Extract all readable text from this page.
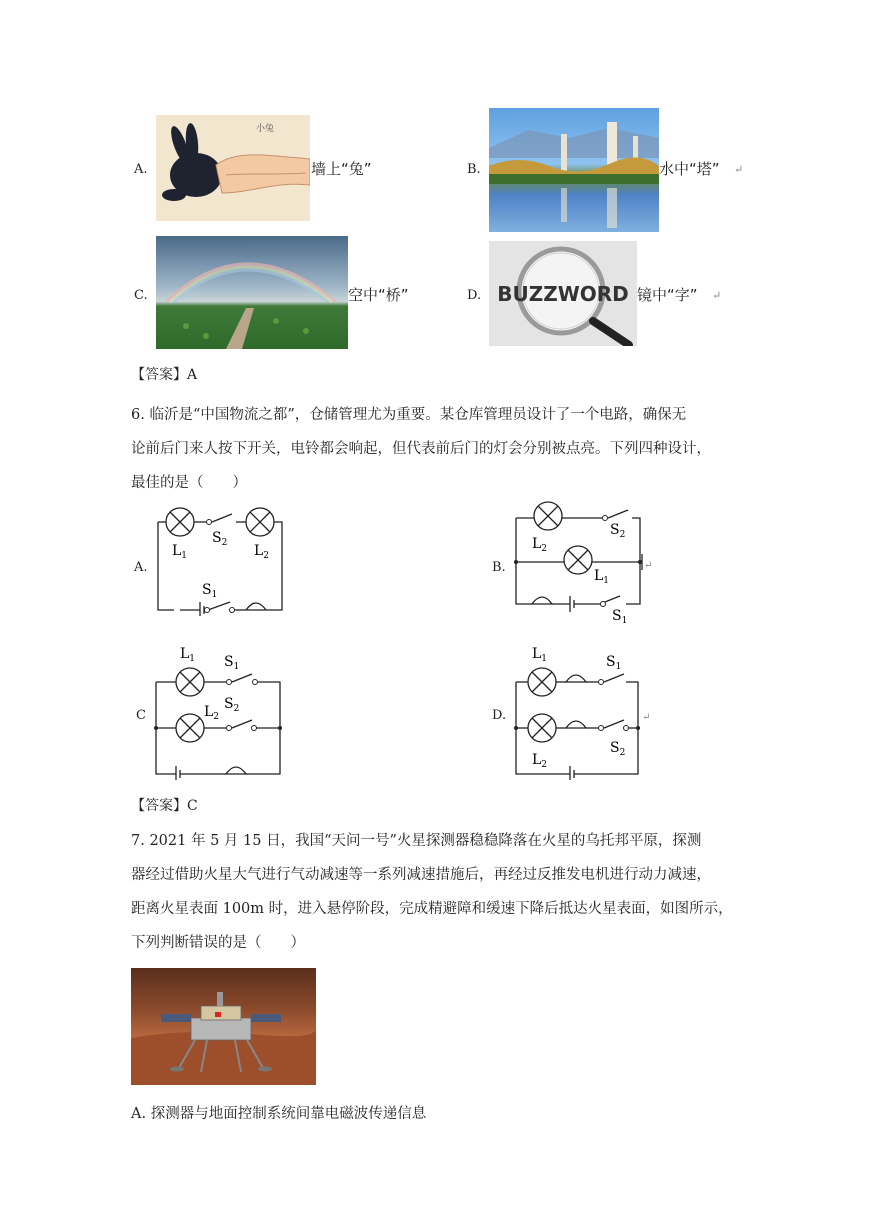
A.
小兔
墙上“兔”	B.	水中“塔” ↵
C.	空中“桥”	D. BUZZWORD 镜中“字” ↵
【答案】A
6. 临沂是“中国物流之都”，仓储管理尤为重要。某仓库管理员设计了一个电路，确保无
论前后门来人按下开关，电铃都会响起，但代表前后门的灯会分别被点亮。下列四种设计，
最佳的是（　　）
A.
$L_1$
$S_2$ $L_2$
$S_1$
B.
$L_2$
$S_2$
$L_1$
$S_1$
↵
C
$L_1$ $S_1$
$L_2$
$S_2$	D.
$L_1$	$S_1$
$L_2$
$S_2$
↵
【答案】C
7. 2021 年 5 月 15 日，我国“天问一号”火星探测器稳稳降落在火星的乌托邦平原，探测
器经过借助火星大气进行气动减速等一系列减速措施后，再经过反推发电机进行动力减速，
距离火星表面 100m 时，进入悬停阶段，完成精避障和缓速下降后抵达火星表面，如图所示，
下列判断错误的是（　　）
A. 探测器与地面控制系统间靠电磁波传递信息
